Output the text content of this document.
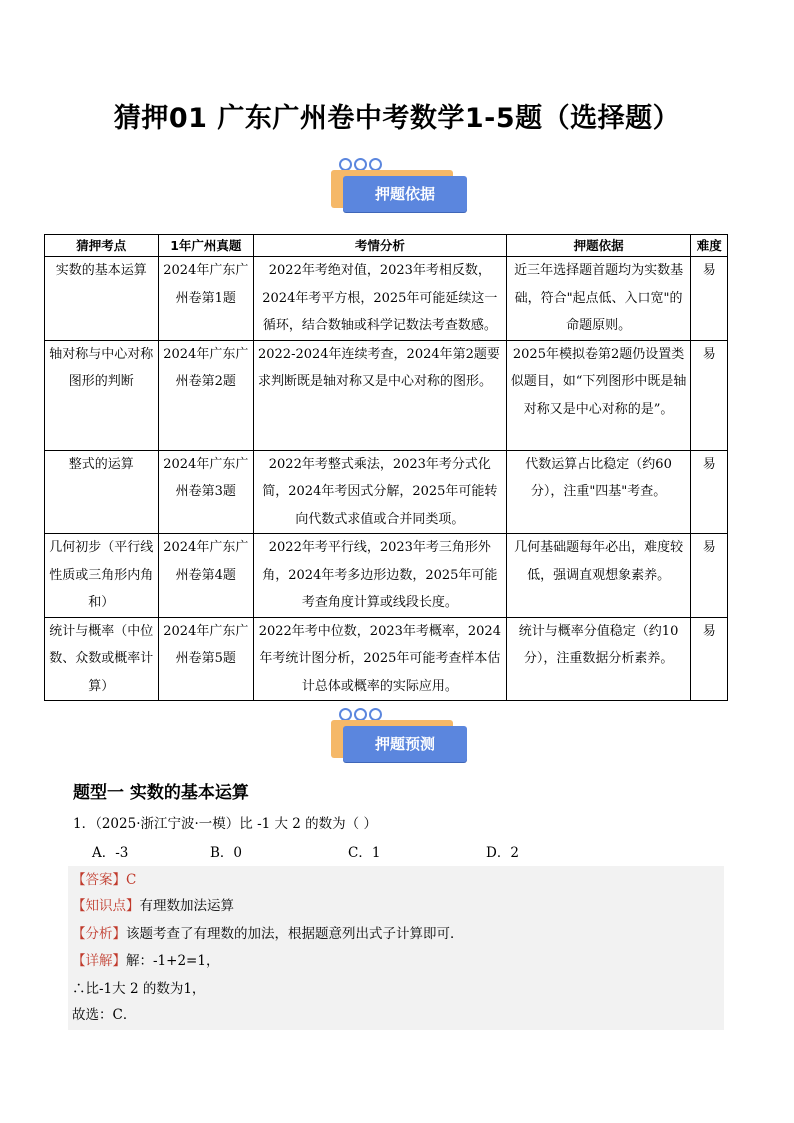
猜押01 广东广州卷中考数学1-5题（选择题）
押题依据
猜押考点	1年广州真题	考情分析	押题依据	难度
实数的基本运算	2024年广东广州卷第1题	2022年考绝对值，2023年考相反数，2024年考平方根，2025年可能延续这一循环，结合数轴或科学记数法考查数感。	近三年选择题首题均为实数基础，符合"起点低、入口宽"的命题原则。	易
轴对称与中心对称图形的判断	2024年广东广州卷第2题	2022-2024年连续考查，2024年第2题要求判断既是轴对称又是中心对称的图形。	2025年模拟卷第2题仍设置类似题目，如“下列图形中既是轴对称又是中心对称的是”。	易
整式的运算	2024年广东广州卷第3题	2022年考整式乘法，2023年考分式化简，2024年考因式分解，2025年可能转向代数式求值或合并同类项。	代数运算占比稳定（约60分），注重"四基"考查。	易
几何初步（平行线性质或三角形内角和）	2024年广东广州卷第4题	2022年考平行线，2023年考三角形外角，2024年考多边形边数，2025年可能考查角度计算或线段长度。	几何基础题每年必出，难度较低，强调直观想象素养。	易
统计与概率（中位数、众数或概率计算）	2024年广东广州卷第5题	2022年考中位数，2023年考概率，2024年考统计图分析，2025年可能考查样本估计总体或概率的实际应用。	统计与概率分值稳定（约10分），注重数据分析素养。	易
押题预测
题型一 实数的基本运算
1．（2025·浙江宁波·一模）比 -1 大 2 的数为（ ）
A．-3	B．0	C．1	D．2
【答案】C
【知识点】有理数加法运算
【分析】该题考查了有理数的加法，根据题意列出式子计算即可．
【详解】解：-1+2=1，
∴比-1大 2 的数为1，
故选：C．
